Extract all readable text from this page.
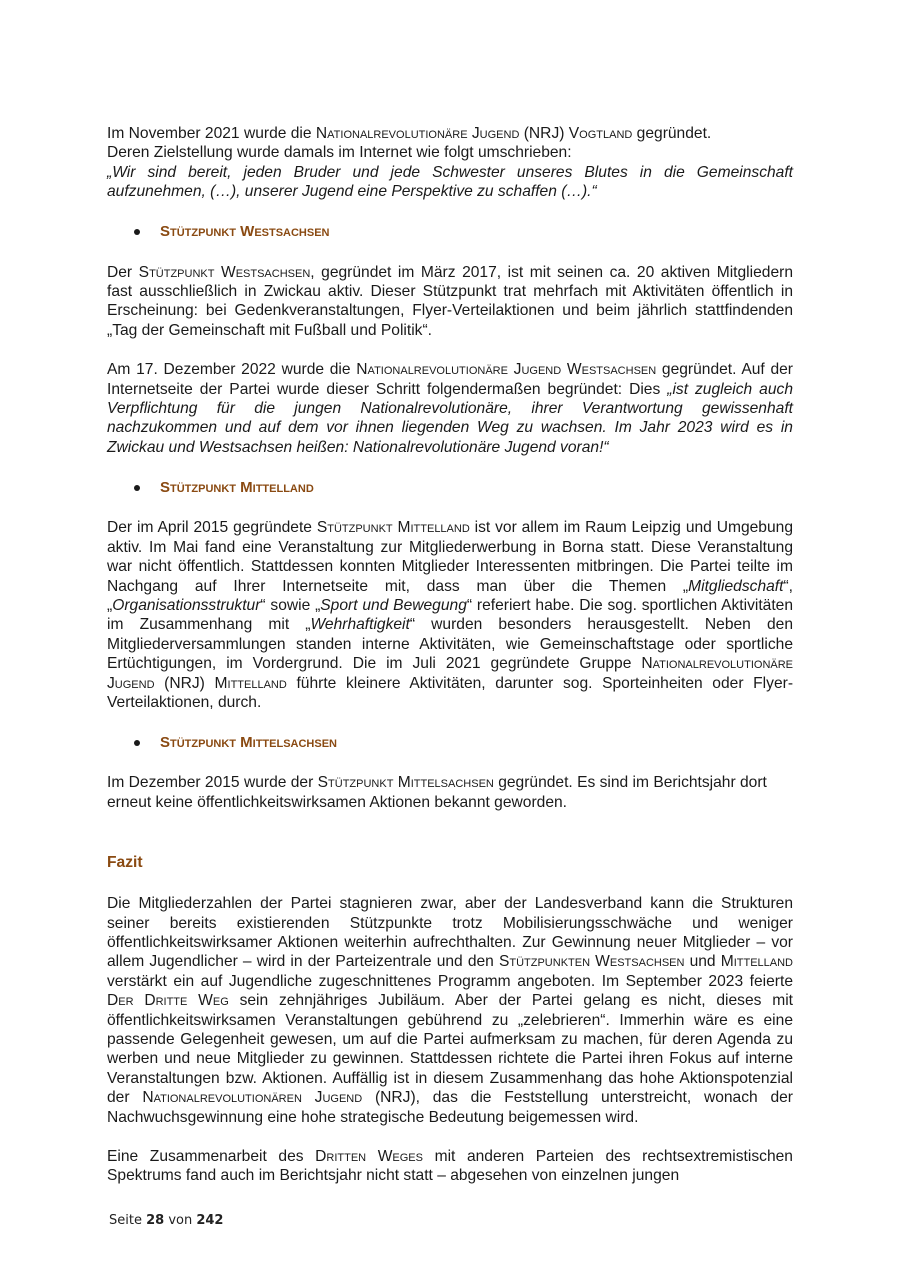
Im November 2021 wurde die Nationalrevolutionäre Jugend (NRJ) Vogtland gegründet.

Deren Zielstellung wurde damals im Internet wie folgt umschrieben:

„Wir sind bereit, jeden Bruder und jede Schwester unseres Blutes in die Gemeinschaft aufzunehmen, (…), unserer Jugend eine Perspektive zu schaffen (…).“

Stützpunkt Westsachsen

Der Stützpunkt Westsachsen, gegründet im März 2017, ist mit seinen ca. 20 aktiven Mitgliedern fast ausschließlich in Zwickau aktiv. Dieser Stützpunkt trat mehrfach mit Aktivitäten öffentlich in Erscheinung: bei Gedenkveranstaltungen, Flyer-Verteilaktionen und beim jährlich stattfindenden „Tag der Gemeinschaft mit Fußball und Politik“.

Am 17. Dezember 2022 wurde die Nationalrevolutionäre Jugend Westsachsen gegründet. Auf der Internetseite der Partei wurde dieser Schritt folgendermaßen begründet: Dies „ist zugleich auch Verpflichtung für die jungen Nationalrevolutionäre, ihrer Verantwortung gewissenhaft nachzukommen und auf dem vor ihnen liegenden Weg zu wachsen. Im Jahr 2023 wird es in Zwickau und Westsachsen heißen: Nationalrevolutionäre Jugend voran!“

Stützpunkt Mittelland

Der im April 2015 gegründete Stützpunkt Mittelland ist vor allem im Raum Leipzig und Umgebung aktiv. Im Mai fand eine Veranstaltung zur Mitgliederwerbung in Borna statt. Diese Veranstaltung war nicht öffentlich. Stattdessen konnten Mitglieder Interessenten mitbringen. Die Partei teilte im Nachgang auf Ihrer Internetseite mit, dass man über die Themen „Mitgliedschaft“, „Organisationsstruktur“ sowie „Sport und Bewegung“ referiert habe. Die sog. sportlichen Aktivitäten im Zusammenhang mit „Wehrhaftigkeit“ wurden besonders herausgestellt. Neben den Mitgliederversammlungen standen interne Aktivitäten, wie Gemeinschaftstage oder sportliche Ertüchtigungen, im Vordergrund. Die im Juli 2021 gegründete Gruppe Nationalrevolutionäre Jugend (NRJ) Mittelland führte kleinere Aktivitäten, darunter sog. Sporteinheiten oder Flyer-Verteilaktionen, durch.

Stützpunkt Mittelsachsen

Im Dezember 2015 wurde der Stützpunkt Mittelsachsen gegründet. Es sind im Berichtsjahr dort erneut keine öffentlichkeitswirksamen Aktionen bekannt geworden.

Fazit

Die Mitgliederzahlen der Partei stagnieren zwar, aber der Landesverband kann die Strukturen seiner bereits existierenden Stützpunkte trotz Mobilisierungsschwäche und weniger öffentlichkeitswirksamer Aktionen weiterhin aufrechthalten. Zur Gewinnung neuer Mitglieder – vor allem Jugendlicher – wird in der Parteizentrale und den Stützpunkten Westsachsen und Mittelland verstärkt ein auf Jugendliche zugeschnittenes Programm angeboten. Im September 2023 feierte Der Dritte Weg sein zehnjähriges Jubiläum. Aber der Partei gelang es nicht, dieses mit öffentlichkeitswirksamen Veranstaltungen gebührend zu „zelebrieren“. Immerhin wäre es eine passende Gelegenheit gewesen, um auf die Partei aufmerksam zu machen, für deren Agenda zu werben und neue Mitglieder zu gewinnen. Stattdessen richtete die Partei ihren Fokus auf interne Veranstaltungen bzw. Aktionen. Auffällig ist in diesem Zusammenhang das hohe Aktionspotenzial der Nationalrevolutionären Jugend (NRJ), das die Feststellung unterstreicht, wonach der Nachwuchsgewinnung eine hohe strategische Bedeutung beigemessen wird.

Eine Zusammenarbeit des Dritten Weges mit anderen Parteien des rechtsextremistischen Spektrums fand auch im Berichtsjahr nicht statt – abgesehen von einzelnen jungen

Seite 28 von 242
